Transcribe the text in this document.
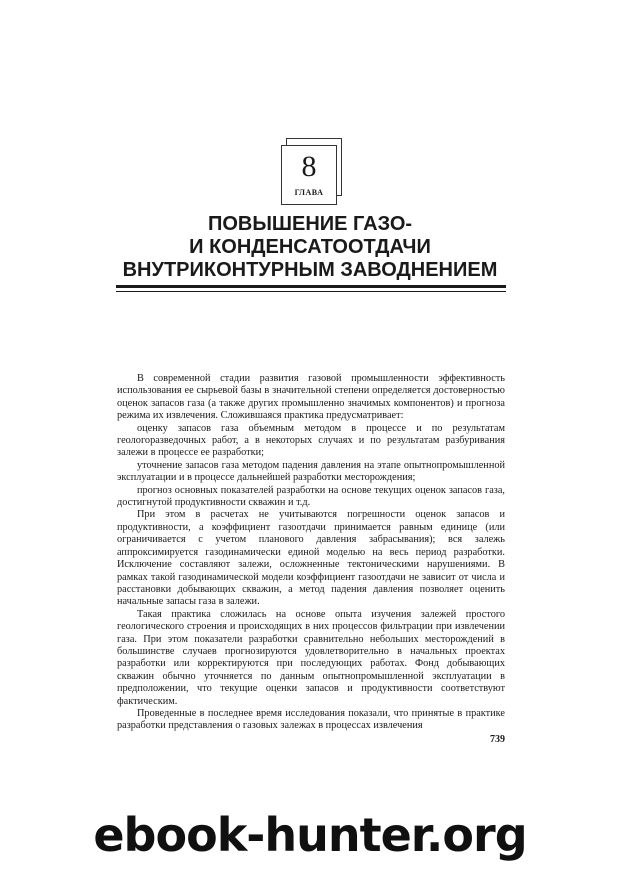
8
ГЛАВА
ПОВЫШЕНИЕ ГАЗО-
И КОНДЕНСАТООТДАЧИ
ВНУТРИКОНТУРНЫМ ЗАВОДНЕНИЕМ

В современной стадии развития газовой промышленности эффективность использования ее сырьевой базы в значительной степени определяется достоверностью оценок запасов газа (а также других промышленно значимых компонентов) и прогноза режима их извлечения. Сложившаяся практика предусматривает:

оценку запасов газа объемным методом в процессе и по результатам геологоразведочных работ, а в некоторых случаях и по результатам разбуривания залежи в процессе ее разработки;

уточнение запасов газа методом падения давления на этапе опытнопромышленной эксплуатации и в процессе дальнейшей разработки месторождения;

прогноз основных показателей разработки на основе текущих оценок запасов газа, достигнутой продуктивности скважин и т.д.

При этом в расчетах не учитываются погрешности оценок запасов и продуктивности, а коэффициент газоотдачи принимается равным единице (или ограничивается с учетом планового давления забрасывания); вся залежь аппроксимируется газодинамически единой моделью на весь период разработки. Исключение составляют залежи, осложненные тектоническими нарушениями. В рамках такой газодинамической модели коэффициент газоотдачи не зависит от числа и расстановки добывающих скважин, а метод падения давления позволяет оценить начальные запасы газа в залежи.

Такая практика сложилась на основе опыта изучения залежей простого геологического строения и происходящих в них процессов фильтрации при извлечении газа. При этом показатели разработки сравнительно небольших месторождений в большинстве случаев прогнозируются удовлетворительно в начальных проектах разработки или корректируются при последующих работах. Фонд добывающих скважин обычно уточняется по данным опытнопромышленной эксплуатации в предположении, что текущие оценки запасов и продуктивности соответствуют фактическим.

Проведенные в последнее время исследования показали, что принятые в практике разработки представления о газовых залежах в процессах извлечения

739
ebook-hunter.org
